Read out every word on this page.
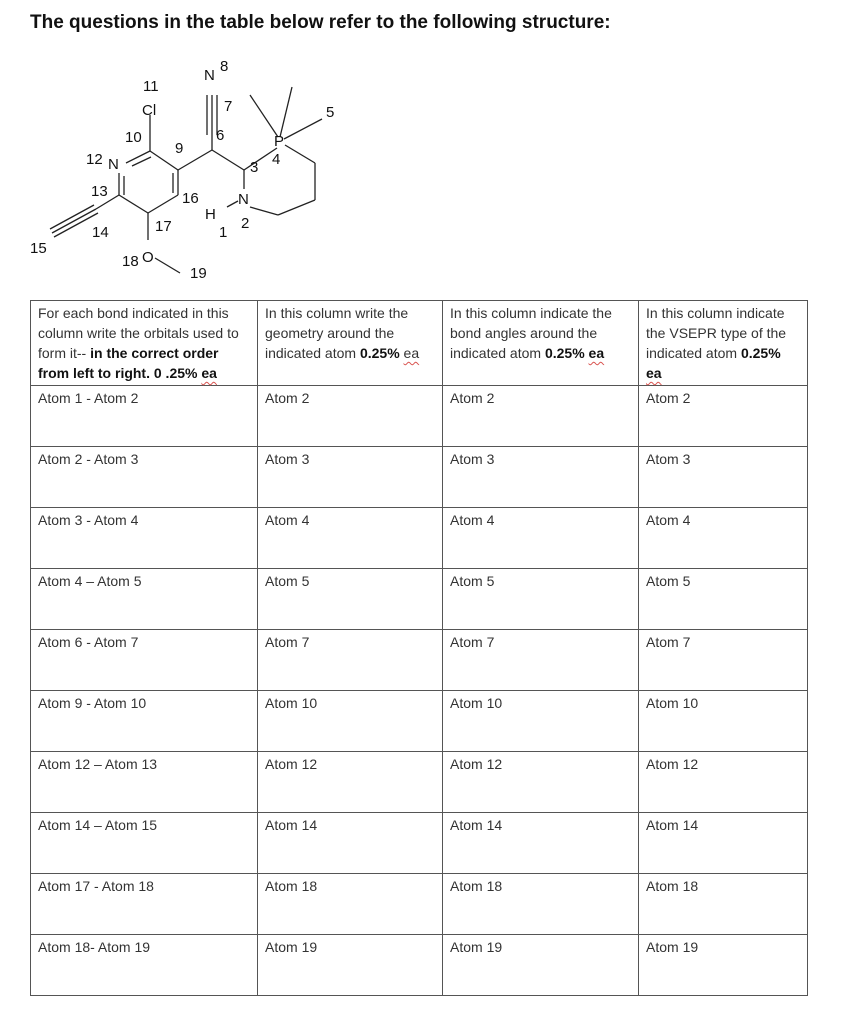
The questions in the table below refer to the following structure:
N
Cl
N
P
N
H
O
1
2
3 4
5
6
7
8
9
10
11
12
13
14
15
16
17
18
19
For each bond indicated in this column write the orbitals used to form it-- in the correct order from left to right. 0 .25% ea	In this column write the geometry around the indicated atom 0.25% ea	In this column indicate the bond angles around the indicated atom 0.25% ea	In this column indicate the VSEPR type of the indicated atom 0.25% ea
Atom 1 - Atom 2	Atom 2	Atom 2	Atom 2
Atom 2 - Atom 3	Atom 3	Atom 3	Atom 3
Atom 3 - Atom 4	Atom 4	Atom 4	Atom 4
Atom 4 – Atom 5	Atom 5	Atom 5	Atom 5
Atom 6 - Atom 7	Atom 7	Atom 7	Atom 7
Atom 9 - Atom 10	Atom 10	Atom 10	Atom 10
Atom 12 – Atom 13	Atom 12	Atom 12	Atom 12
Atom 14 – Atom 15	Atom 14	Atom 14	Atom 14
Atom 17 - Atom 18	Atom 18	Atom 18	Atom 18
Atom 18- Atom 19	Atom 19	Atom 19	Atom 19
